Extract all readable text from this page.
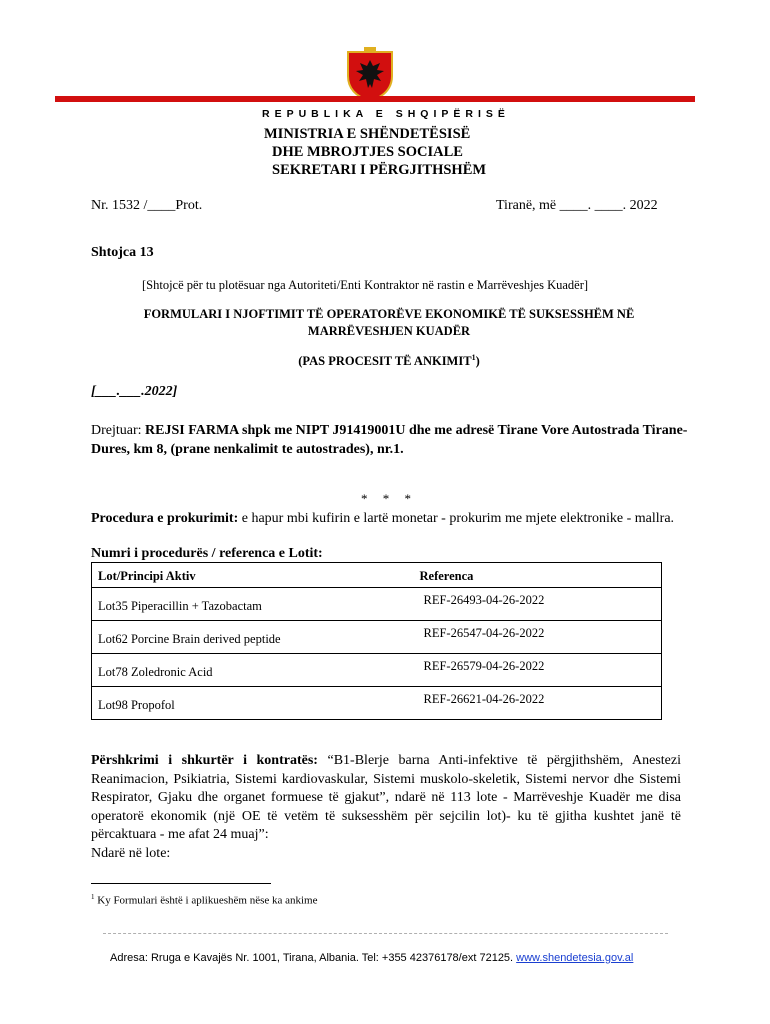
REPUBLIKA E SHQIPËRISË
MINISTRIA E SHËNDETËSISË
DHE MBROJTJES SOCIALE
SEKRETARI I PËRGJITHSHËM
Nr. 1532 /____Prot.	Tiranë, më ____. ____. 2022
Shtojca 13
[Shtojcë për tu plotësuar nga Autoriteti/Enti Kontraktor në rastin e Marrëveshjes Kuadër]
FORMULARI I NJOFTIMIT TË OPERATORËVE EKONOMIKË TË SUKSESSHËM NË MARRËVESHJEN KUADËR
(PAS PROCESIT TË ANKIMIT$^1$)
[___.___.2022]
Drejtuar: REJSI FARMA shpk me NIPT J91419001U dhe me adresë Tirane Vore Autostrada Tirane-Dures, km 8, (prane nenkalimit te autostrades), nr.1.
* * *
Procedura e prokurimit: e hapur mbi kufirin e lartë monetar - prokurim me mjete elektronike - mallra.
Numri i procedurës / referenca e Lotit:
Lot/Principi Aktiv	Referenca
Lot35 Piperacillin + Tazobactam	REF-26493-04-26-2022
Lot62 Porcine Brain derived peptide	REF-26547-04-26-2022
Lot78 Zoledronic Acid	REF-26579-04-26-2022
Lot98 Propofol	REF-26621-04-26-2022
Përshkrimi i shkurtër i kontratës: “B1-Blerje barna Anti-infektive të përgjithshëm, Anestezi Reanimacion, Psikiatria, Sistemi kardiovaskular, Sistemi muskolo-skeletik, Sistemi nervor dhe Sistemi Respirator, Gjaku dhe organet formuese të gjakut”, ndarë në 113 lote - Marrëveshje Kuadër me disa operatorë ekonomik (një OE të vetëm të suksesshëm për sejcilin lot)- ku të gjitha kushtet janë të përcaktuara - me afat 24 muaj”:
Ndarë në lote:
$^1$ Ky Formulari është i aplikueshëm nëse ka ankime
Adresa: Rruga e Kavajës Nr. 1001, Tirana, Albania. Tel: +355 42376178/ext 72125. www.shendetesia.gov.al
